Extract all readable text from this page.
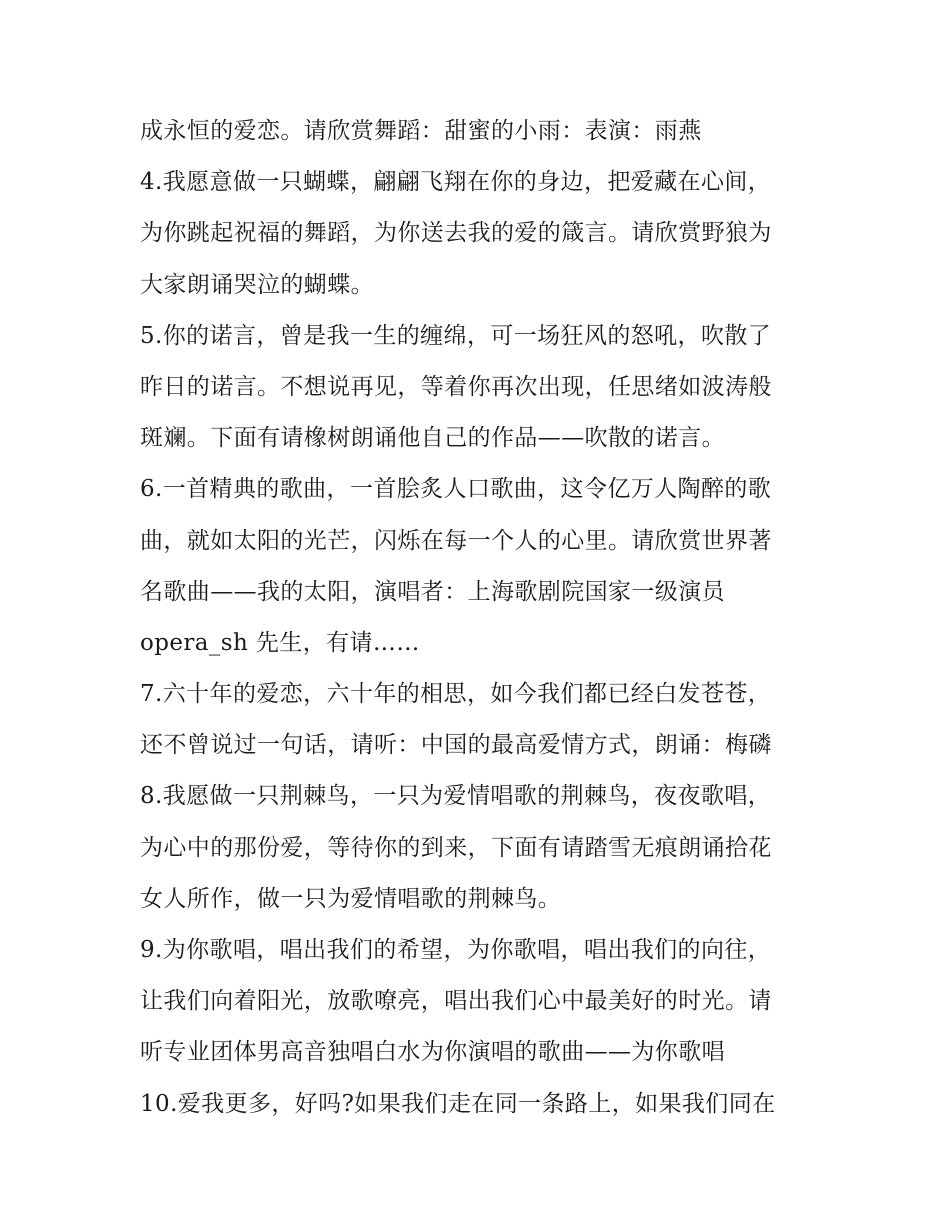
成永恒的爱恋。请欣赏舞蹈：甜蜜的小雨：表演：雨燕
4.我愿意做一只蝴蝶，翩翩飞翔在你的身边，把爱藏在心间，
为你跳起祝福的舞蹈，为你送去我的爱的箴言。请欣赏野狼为
大家朗诵哭泣的蝴蝶。
5.你的诺言，曾是我一生的缠绵，可一场狂风的怒吼，吹散了
昨日的诺言。不想说再见，等着你再次出现，任思绪如波涛般
斑斓。下面有请橡树朗诵他自己的作品——吹散的诺言。
6.一首精典的歌曲，一首脍炙人口歌曲，这令亿万人陶醉的歌
曲，就如太阳的光芒，闪烁在每一个人的心里。请欣赏世界著
名歌曲——我的太阳，演唱者：上海歌剧院国家一级演员
opera_sh 先生，有请……
7.六十年的爱恋，六十年的相思，如今我们都已经白发苍苍，
还不曾说过一句话，请听：中国的最高爱情方式，朗诵：梅磷
8.我愿做一只荆棘鸟，一只为爱情唱歌的荆棘鸟，夜夜歌唱，
为心中的那份爱，等待你的到来，下面有请踏雪无痕朗诵拾花
女人所作，做一只为爱情唱歌的荆棘鸟。
9.为你歌唱，唱出我们的希望，为你歌唱，唱出我们的向往，
让我们向着阳光，放歌嘹亮，唱出我们心中最美好的时光。请
听专业团体男高音独唱白水为你演唱的歌曲——为你歌唱
10.爱我更多，好吗?如果我们走在同一条路上，如果我们同在
